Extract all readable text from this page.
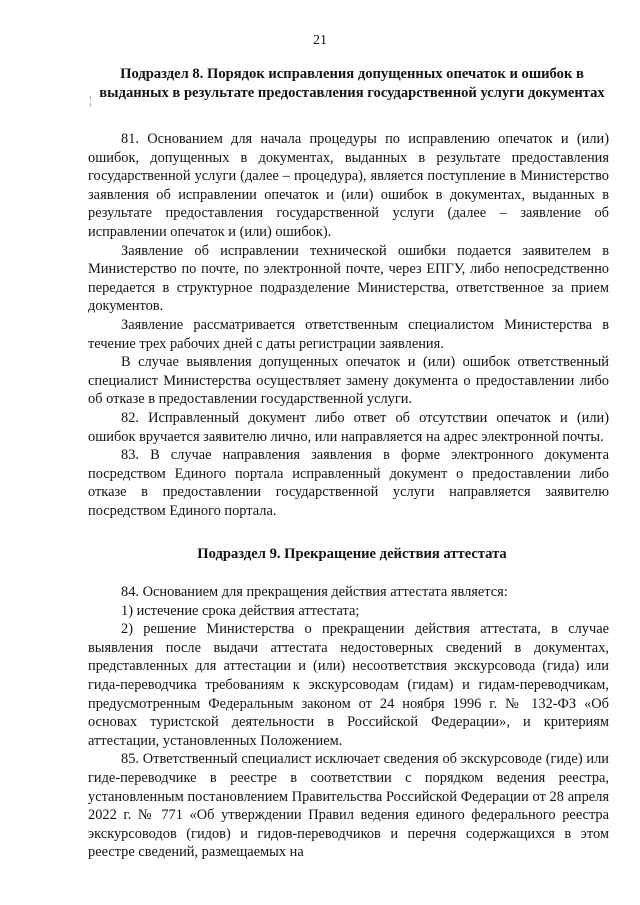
21
Подраздел 8. Порядок исправления допущенных опечаток и ошибок в выданных в результате предоставления государственной услуги документах
¦

81. Основанием для начала процедуры по исправлению опечаток и (или) ошибок, допущенных в документах, выданных в результате предоставления государственной услуги (далее – процедура), является поступление в Министерство заявления об исправлении опечаток и (или) ошибок в документах, выданных в результате предоставления государственной услуги (далее – заявление об исправлении опечаток и (или) ошибок).

Заявление об исправлении технической ошибки подается заявителем в Министерство по почте, по электронной почте, через ЕПГУ, либо непосредственно передается в структурное подразделение Министерства, ответственное за прием документов.

Заявление рассматривается ответственным специалистом Министерства в течение трех рабочих дней с даты регистрации заявления.

В случае выявления допущенных опечаток и (или) ошибок ответственный специалист Министерства осуществляет замену документа о предоставлении либо об отказе в предоставлении государственной услуги.

82. Исправленный документ либо ответ об отсутствии опечаток и (или) ошибок вручается заявителю лично, или направляется на адрес электронной почты.

83. В случае направления заявления в форме электронного документа посредством Единого портала исправленный документ о предоставлении либо отказе в предоставлении государственной услуги направляется заявителю посредством Единого портала.

Подраздел 9. Прекращение действия аттестата

84. Основанием для прекращения действия аттестата является:

1) истечение срока действия аттестата;

2) решение Министерства о прекращении действия аттестата, в случае выявления после выдачи аттестата недостоверных сведений в документах, представленных для аттестации и (или) несоответствия экскурсовода (гида) или гида-переводчика требованиям к экскурсоводам (гидам) и гидам-переводчикам, предусмотренным Федеральным законом от 24 ноября 1996 г. № 132-ФЗ «Об основах туристской деятельности в Российской Федерации», и критериям аттестации, установленных Положением.

85. Ответственный специалист исключает сведения об экскурсоводе (гиде) или гиде-переводчике в реестре в соответствии с порядком ведения реестра, установленным постановлением Правительства Российской Федерации от 28 апреля 2022 г. № 771 «Об утверждении Правил ведения единого федерального реестра экскурсоводов (гидов) и гидов-переводчиков и перечня содержащихся в этом реестре сведений, размещаемых на
